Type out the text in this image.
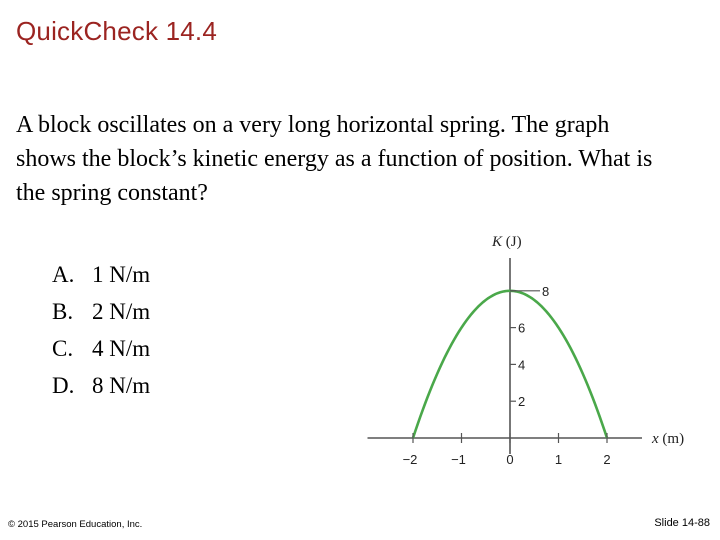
QuickCheck 14.4
A block oscillates on a very long horizontal spring. The graph shows the block’s kinetic energy as a function of position. What is the spring constant?
A. 1 N/m
B. 2 N/m
C. 4 N/m
D. 8 N/m
−2	−1	0	1	2
2
4
6
8
K (J)
x (m)
© 2015 Pearson Education, Inc.	Slide 14-88
